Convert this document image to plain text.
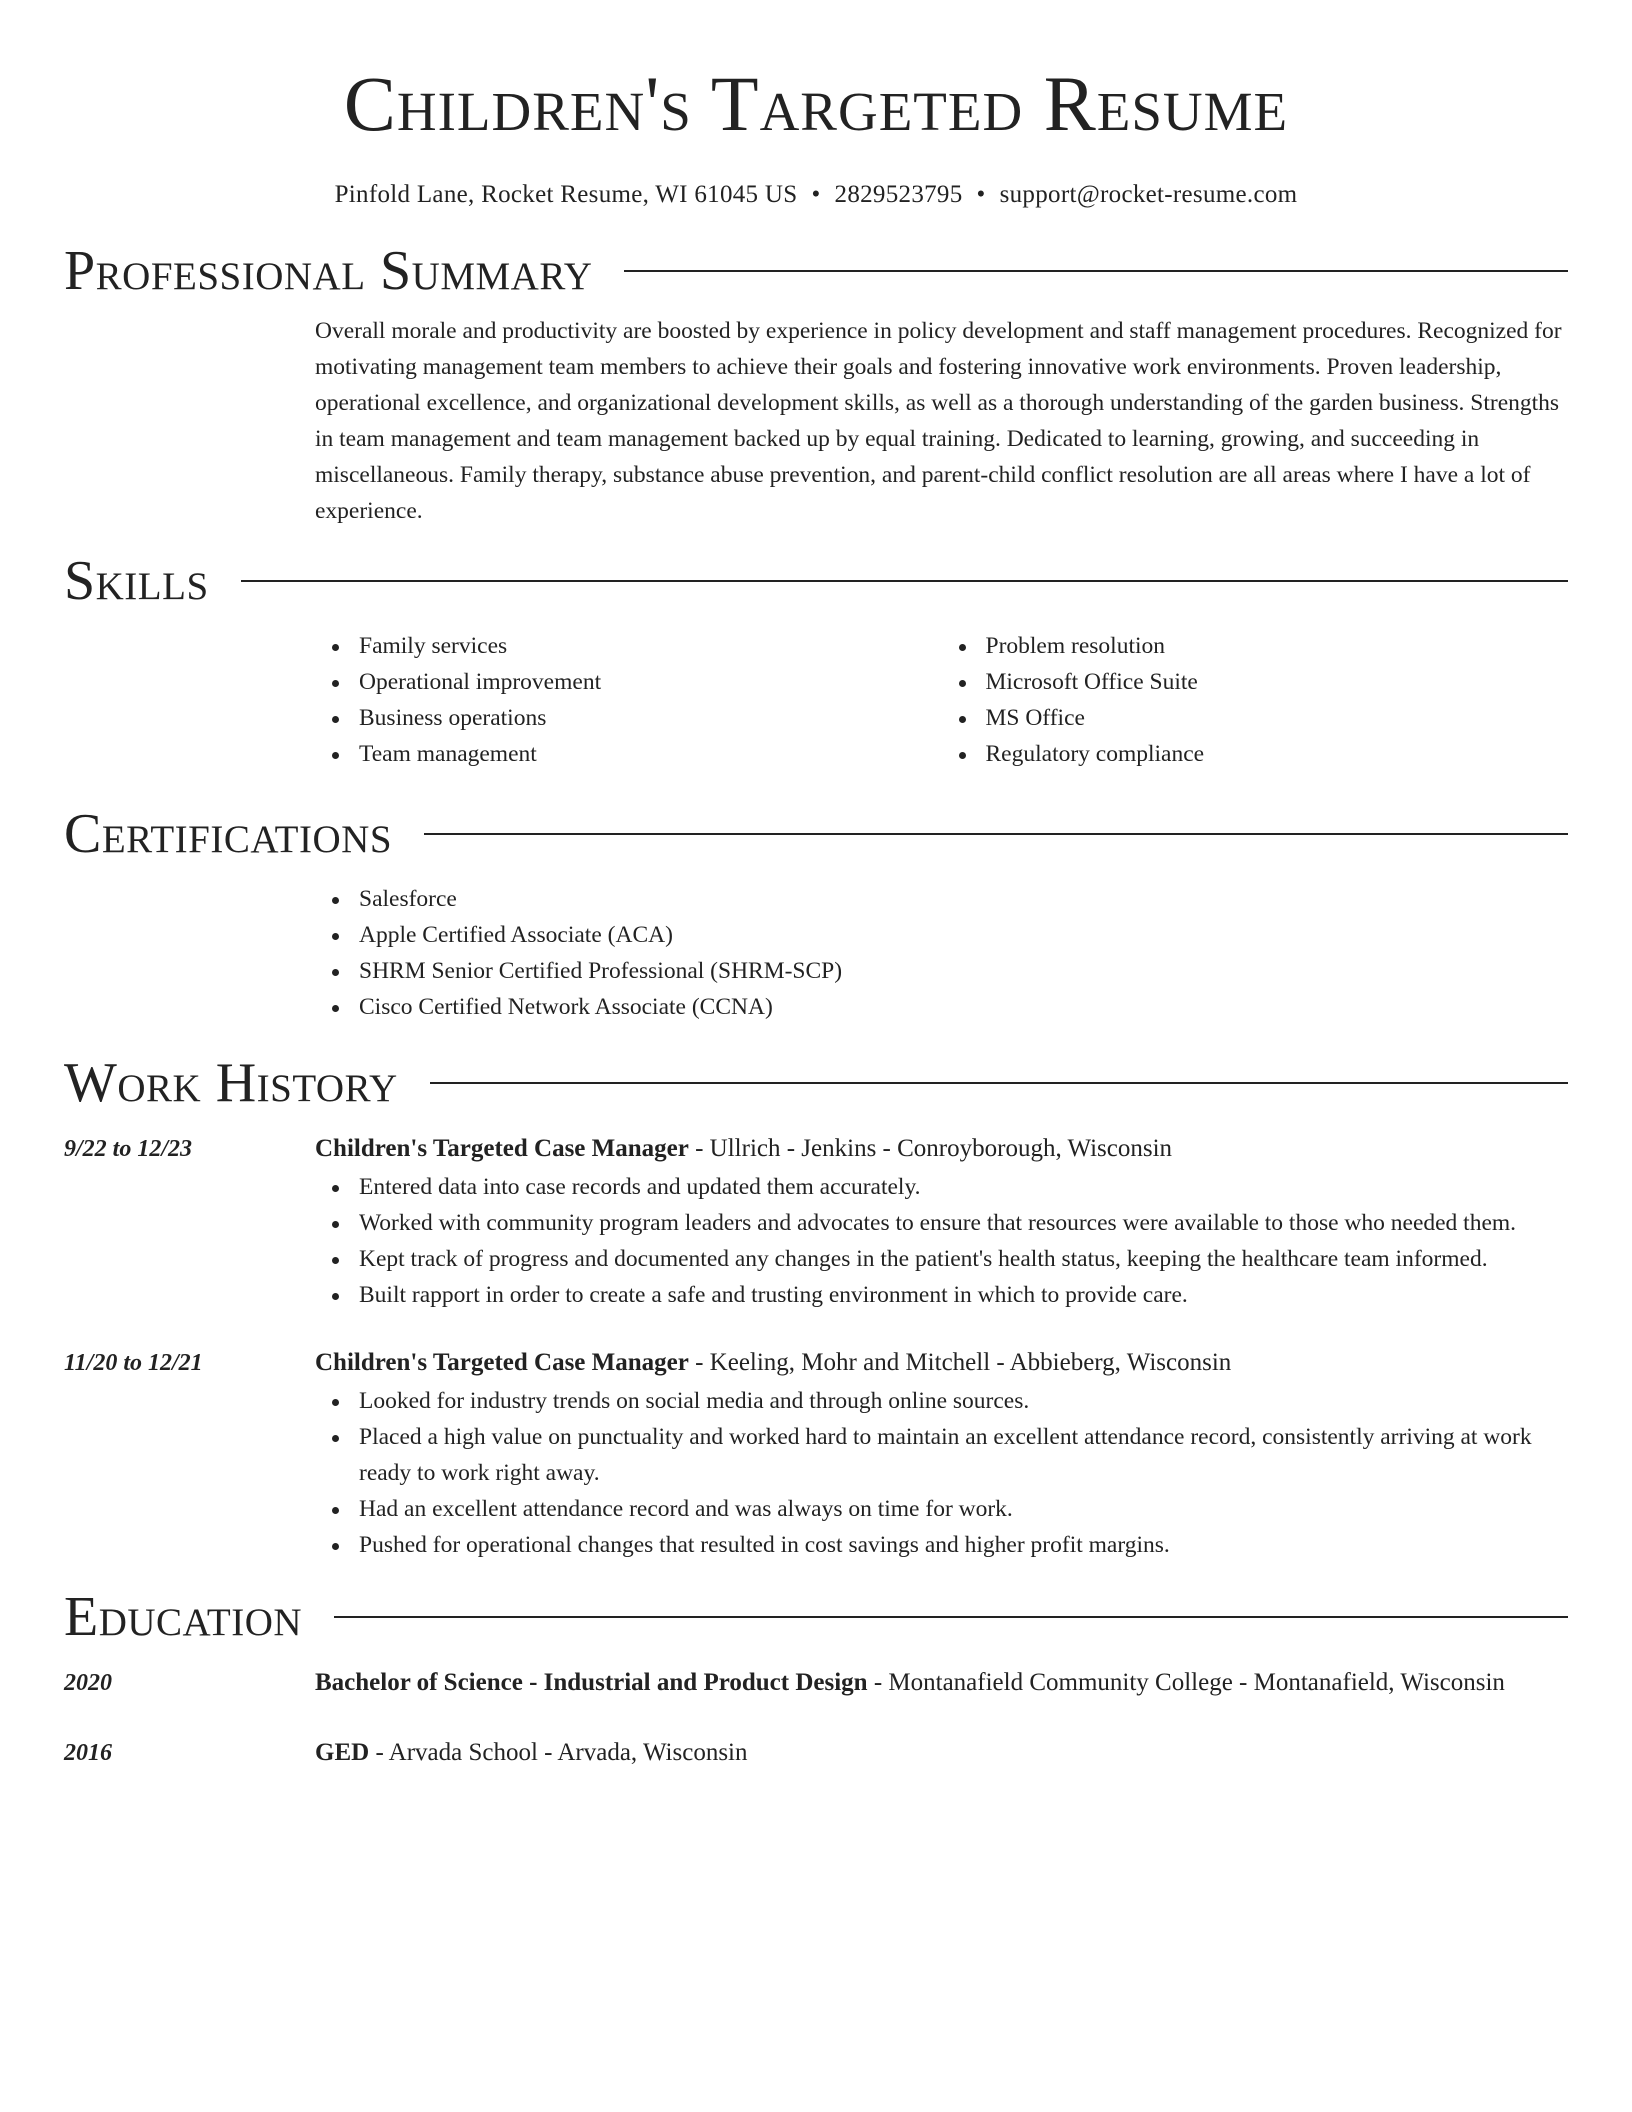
Children's Targeted Resume
Pinfold Lane, Rocket Resume, WI 61045 US • 2829523795 • support@rocket-resume.com
Professional Summary

Overall morale and productivity are boosted by experience in policy development and staff management procedures. Recognized for motivating management team members to achieve their goals and fostering innovative work environments. Proven leadership, operational excellence, and organizational development skills, as well as a thorough understanding of the garden business. Strengths in team management and team management backed up by equal training. Dedicated to learning, growing, and succeeding in miscellaneous. Family therapy, substance abuse prevention, and parent-child conflict resolution are all areas where I have a lot of experience.

Skills
Family services
Operational improvement
Business operations
Team management
Problem resolution
Microsoft Office Suite
MS Office
Regulatory compliance
Certifications
Salesforce
Apple Certified Associate (ACA)
SHRM Senior Certified Professional (SHRM-SCP)
Cisco Certified Network Associate (CCNA)
Work History
9/22 to 12/23	Children's Targeted Case Manager - Ullrich - Jenkins - Conroyborough, Wisconsin
Entered data into case records and updated them accurately.
Worked with community program leaders and advocates to ensure that resources were available to those who needed them.
Kept track of progress and documented any changes in the patient's health status, keeping the healthcare team informed.
Built rapport in order to create a safe and trusting environment in which to provide care.
11/20 to 12/21	Children's Targeted Case Manager - Keeling, Mohr and Mitchell - Abbieberg, Wisconsin
Looked for industry trends on social media and through online sources.
Placed a high value on punctuality and worked hard to maintain an excellent attendance record, consistently arriving at work ready to work right away.
Had an excellent attendance record and was always on time for work.
Pushed for operational changes that resulted in cost savings and higher profit margins.
Education
2020	Bachelor of Science - Industrial and Product Design - Montanafield Community College - Montanafield, Wisconsin
2016	GED - Arvada School - Arvada, Wisconsin
